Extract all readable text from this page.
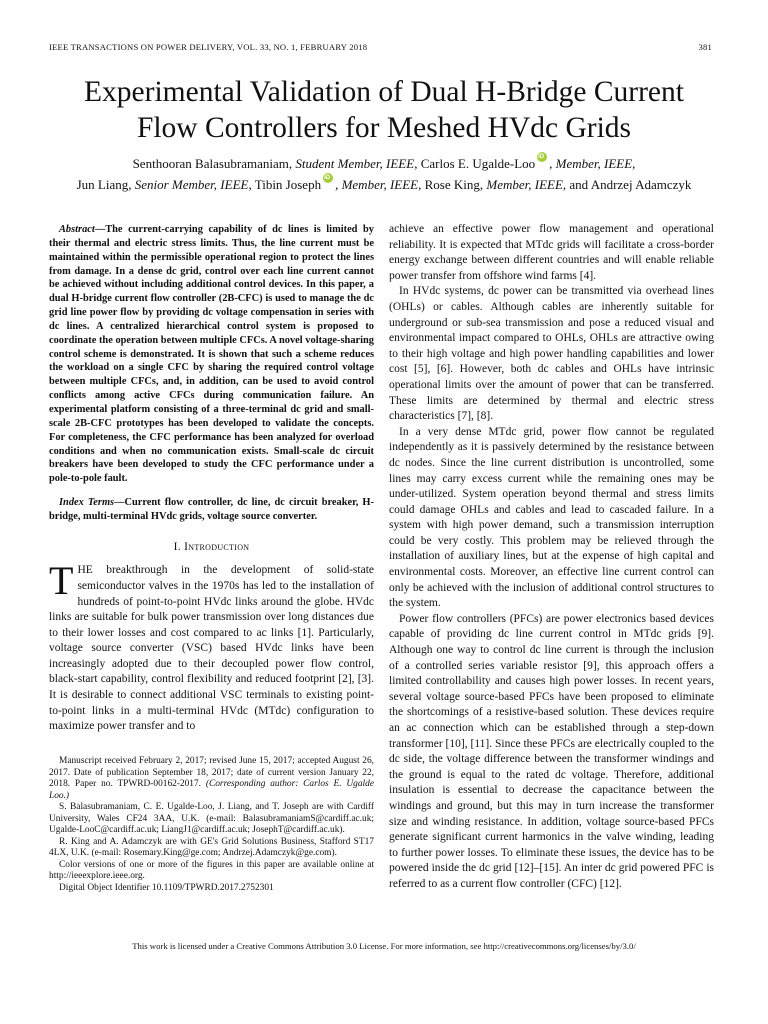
IEEE TRANSACTIONS ON POWER DELIVERY, VOL. 33, NO. 1, FEBRUARY 2018	381
Experimental Validation of Dual H-Bridge Current
Flow Controllers for Meshed HVdc Grids
Senthooran Balasubramaniam, Student Member, IEEE, Carlos E. Ugalde-Loo iD , Member, IEEE,
Jun Liang, Senior Member, IEEE, Tibin Joseph iD , Member, IEEE, Rose King, Member, IEEE, and Andrzej Adamczyk

Abstract—The current-carrying capability of dc lines is limited by their thermal and electric stress limits. Thus, the line current must be maintained within the permissible operational region to protect the lines from damage. In a dense dc grid, control over each line current cannot be achieved without including additional control devices. In this paper, a dual H-bridge current flow controller (2B-CFC) is used to manage the dc grid line power flow by providing dc voltage compensation in series with dc lines. A centralized hierarchical control system is proposed to coordinate the operation between multiple CFCs. A novel voltage-sharing control scheme is demonstrated. It is shown that such a scheme reduces the workload on a single CFC by sharing the required control voltage between multiple CFCs, and, in addition, can be used to avoid control conflicts among active CFCs during communication failure. An experimental platform consisting of a three-terminal dc grid and small-scale 2B-CFC prototypes has been developed to validate the concepts. For completeness, the CFC performance has been analyzed for overload conditions and when no communication exists. Small-scale dc circuit breakers have been developed to study the CFC performance under a pole-to-pole fault.

Index Terms—Current flow controller, dc line, dc circuit breaker, H-bridge, multi-terminal HVdc grids, voltage source converter.

I. Introduction

THE breakthrough in the development of solid-state semiconductor valves in the 1970s has led to the installation of hundreds of point-to-point HVdc links around the globe. HVdc links are suitable for bulk power transmission over long distances due to their lower losses and cost compared to ac links [1]. Particularly, voltage source converter (VSC) based HVdc links have been increasingly adopted due to their decoupled power flow control, black-start capability, control flexibility and reduced footprint [2], [3]. It is desirable to connect additional VSC terminals to existing point-to-point links in a multi-terminal HVdc (MTdc) configuration to maximize power transfer and to

Manuscript received February 2, 2017; revised June 15, 2017; accepted August 26, 2017. Date of publication September 18, 2017; date of current version January 22, 2018. Paper no. TPWRD-00162-2017. (Corresponding author: Carlos E. Ugalde Loo.)

S. Balasubramaniam, C. E. Ugalde-Loo, J. Liang, and T. Joseph are with Cardiff University, Wales CF24 3AA, U.K. (e-mail: BalasubramaniamS@cardiff.ac.uk; Ugalde-LooC@cardiff.ac.uk; LiangJ1@cardiff.ac.uk; JosephT@cardiff.ac.uk).

R. King and A. Adamczyk are with GE's Grid Solutions Business, Stafford ST17 4LX, U.K. (e-mail: Rosemary.King@ge.com; Andrzej.Adamczyk@ge.com).

Color versions of one or more of the figures in this paper are available online at http://ieeexplore.ieee.org.

Digital Object Identifier 10.1109/TPWRD.2017.2752301

achieve an effective power flow management and operational reliability. It is expected that MTdc grids will facilitate a cross-border energy exchange between different countries and will enable reliable power transfer from offshore wind farms [4].

In HVdc systems, dc power can be transmitted via overhead lines (OHLs) or cables. Although cables are inherently suitable for underground or sub-sea transmission and pose a reduced visual and environmental impact compared to OHLs, OHLs are attractive owing to their high voltage and high power handling capabilities and lower cost [5], [6]. However, both dc cables and OHLs have intrinsic operational limits over the amount of power that can be transferred. These limits are determined by thermal and electric stress characteristics [7], [8].

In a very dense MTdc grid, power flow cannot be regulated independently as it is passively determined by the resistance between dc nodes. Since the line current distribution is uncontrolled, some lines may carry excess current while the remaining ones may be under-utilized. System operation beyond thermal and stress limits could damage OHLs and cables and lead to cascaded failure. In a system with high power demand, such a transmission interruption could be very costly. This problem may be relieved through the installation of auxiliary lines, but at the expense of high capital and environmental costs. Moreover, an effective line current control can only be achieved with the inclusion of additional control structures to the system.

Power flow controllers (PFCs) are power electronics based devices capable of providing dc line current control in MTdc grids [9]. Although one way to control dc line current is through the inclusion of a controlled series variable resistor [9], this approach offers a limited controllability and causes high power losses. In recent years, several voltage source-based PFCs have been proposed to eliminate the shortcomings of a resistive-based solution. These devices require an ac connection which can be established through a step-down transformer [10], [11]. Since these PFCs are electrically coupled to the dc side, the voltage difference between the transformer windings and the ground is equal to the rated dc voltage. Therefore, additional insulation is essential to decrease the capacitance between the windings and ground, but this may in turn increase the transformer size and winding resistance. In addition, voltage source-based PFCs generate significant current harmonics in the valve winding, leading to further power losses. To eliminate these issues, the device has to be powered inside the dc grid [12]–[15]. An inter dc grid powered PFC is referred to as a current flow controller (CFC) [12].

This work is licensed under a Creative Commons Attribution 3.0 License. For more information, see http://creativecommons.org/licenses/by/3.0/
